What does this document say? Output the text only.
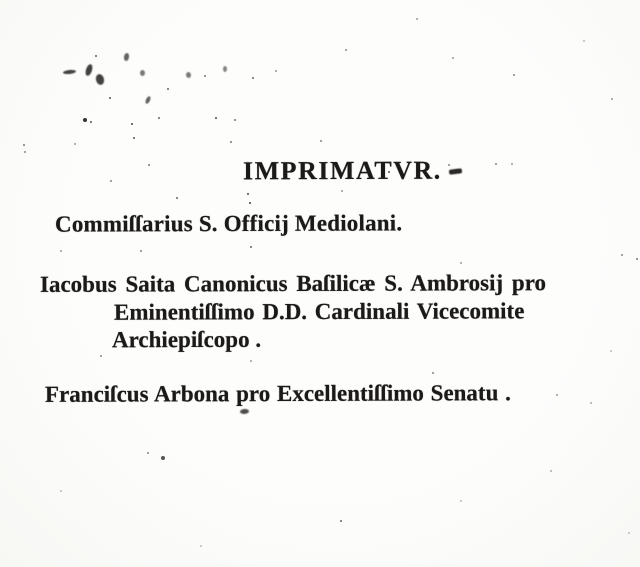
IMPRIMATVR.

Commiſſarius S. Officij Mediolani.

Iacobus Saita Canonicus Baſilicæ S. Ambrosij pro

Eminentiſſimo D.D. Cardinali Vicecomite

Archiepiſcopo .

Franciſcus Arbona pro Excellentiſſimo Senatu .
